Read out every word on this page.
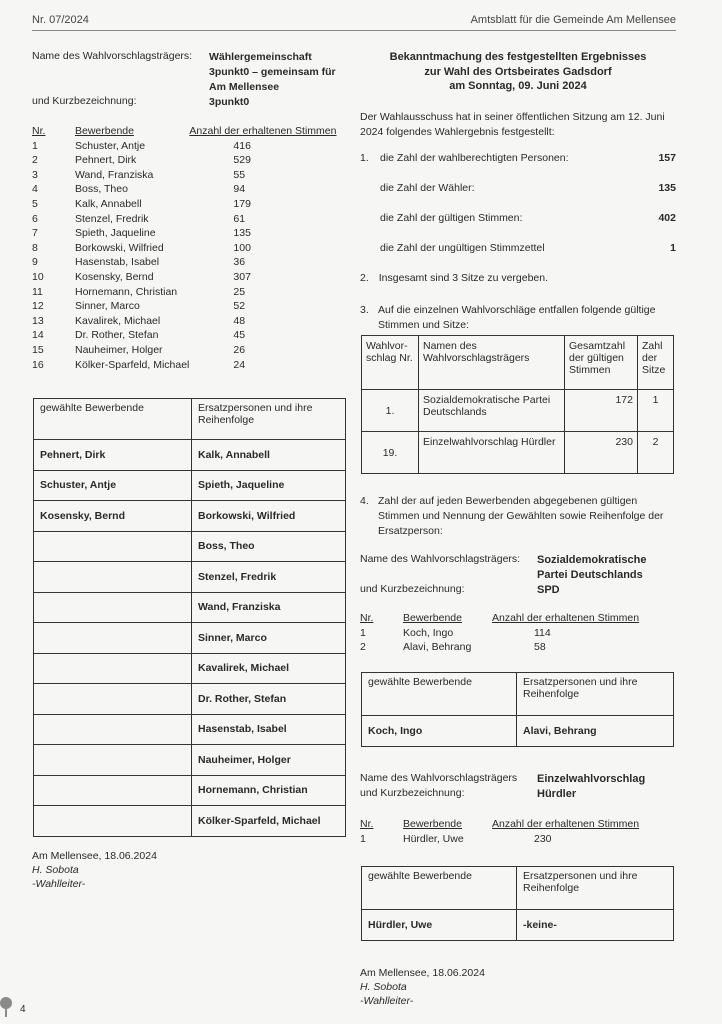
Nr. 07/2024	Amtsblatt für die Gemeinde Am Mellensee
Name des Wahlvorschlagsträgers: Wählergemeinschaft
3punkt0 – gemeinsam für
Am Mellensee
3punkt0
und Kurzbezeichnung:
Nr.	Bewerbende	Anzahl der erhaltenen Stimmen
1	Schuster, Antje	416
2	Pehnert, Dirk	529
3	Wand, Franziska	55
4	Boss, Theo	94
5	Kalk, Annabell	179
6	Stenzel, Fredrik	61
7	Spieth, Jaqueline	135
8	Borkowski, Wilfried	100
9	Hasenstab, Isabel	36
10	Kosensky, Bernd	307
11	Hornemann, Christian	25
12	Sinner, Marco	52
13	Kavalirek, Michael	48
14	Dr. Rother, Stefan	45
15	Nauheimer, Holger	26
16	Kölker-Sparfeld, Michael	24
gewählte Bewerbende	Ersatzpersonen und ihre Reihenfolge
Pehnert, Dirk	Kalk, Annabell
Schuster, Antje	Spieth, Jaqueline
Kosensky, Bernd	Borkowski, Wilfried
	Boss, Theo
	Stenzel, Fredrik
	Wand, Franziska
	Sinner, Marco
	Kavalirek, Michael
	Dr. Rother, Stefan
	Hasenstab, Isabel
	Nauheimer, Holger
	Hornemann, Christian
	Kölker-Sparfeld, Michael
Am Mellensee, 18.06.2024
H. Sobota
-Wahlleiter-
Bekanntmachung des festgestellten Ergebnisses
zur Wahl des Ortsbeirates Gadsdorf
am Sonntag, 09. Juni 2024
Der Wahlausschuss hat in seiner öffentlichen Sitzung am 12. Juni 2024 folgendes Wahlergebnis festgestellt:
1. die Zahl der wahlberechtigten Personen:	157
die Zahl der Wähler:	135
die Zahl der gültigen Stimmen:	402
die Zahl der ungültigen Stimmzettel	1
2. Insgesamt sind 3 Sitze zu vergeben.
3. Auf die einzelnen Wahlvorschläge entfallen folgende gültige Stimmen und Sitze:
Wahlvor-schlag Nr.	Namen des Wahlvorschlagsträgers	Gesamtzahl der gültigen Stimmen	Zahl der Sitze
1.	Sozialdemokratische Partei Deutschlands	172	1
19.	Einzelwahlvorschlag Hürdler	230	2
4. Zahl der auf jeden Bewerbenden abgegebenen gültigen Stimmen und Nennung der Gewählten sowie Reihenfolge der Ersatzperson:
Name des Wahlvorschlagsträgers: Sozialdemokratische
Partei Deutschlands
SPD
und Kurzbezeichnung:
Nr.	Bewerbende	Anzahl der erhaltenen Stimmen
1	Koch, Ingo	114
2	Alavi, Behrang	58
gewählte Bewerbende	Ersatzpersonen und ihre Reihenfolge
Koch, Ingo	Alavi, Behrang
Name des Wahlvorschlagsträgers Einzelwahlvorschlag
Hürdler
und Kurzbezeichnung:
Nr.	Bewerbende	Anzahl der erhaltenen Stimmen
1	Hürdler, Uwe	230
gewählte Bewerbende	Ersatzpersonen und ihre Reihenfolge
Hürdler, Uwe	-keine-
Am Mellensee, 18.06.2024
H. Sobota
-Wahlleiter-
4
